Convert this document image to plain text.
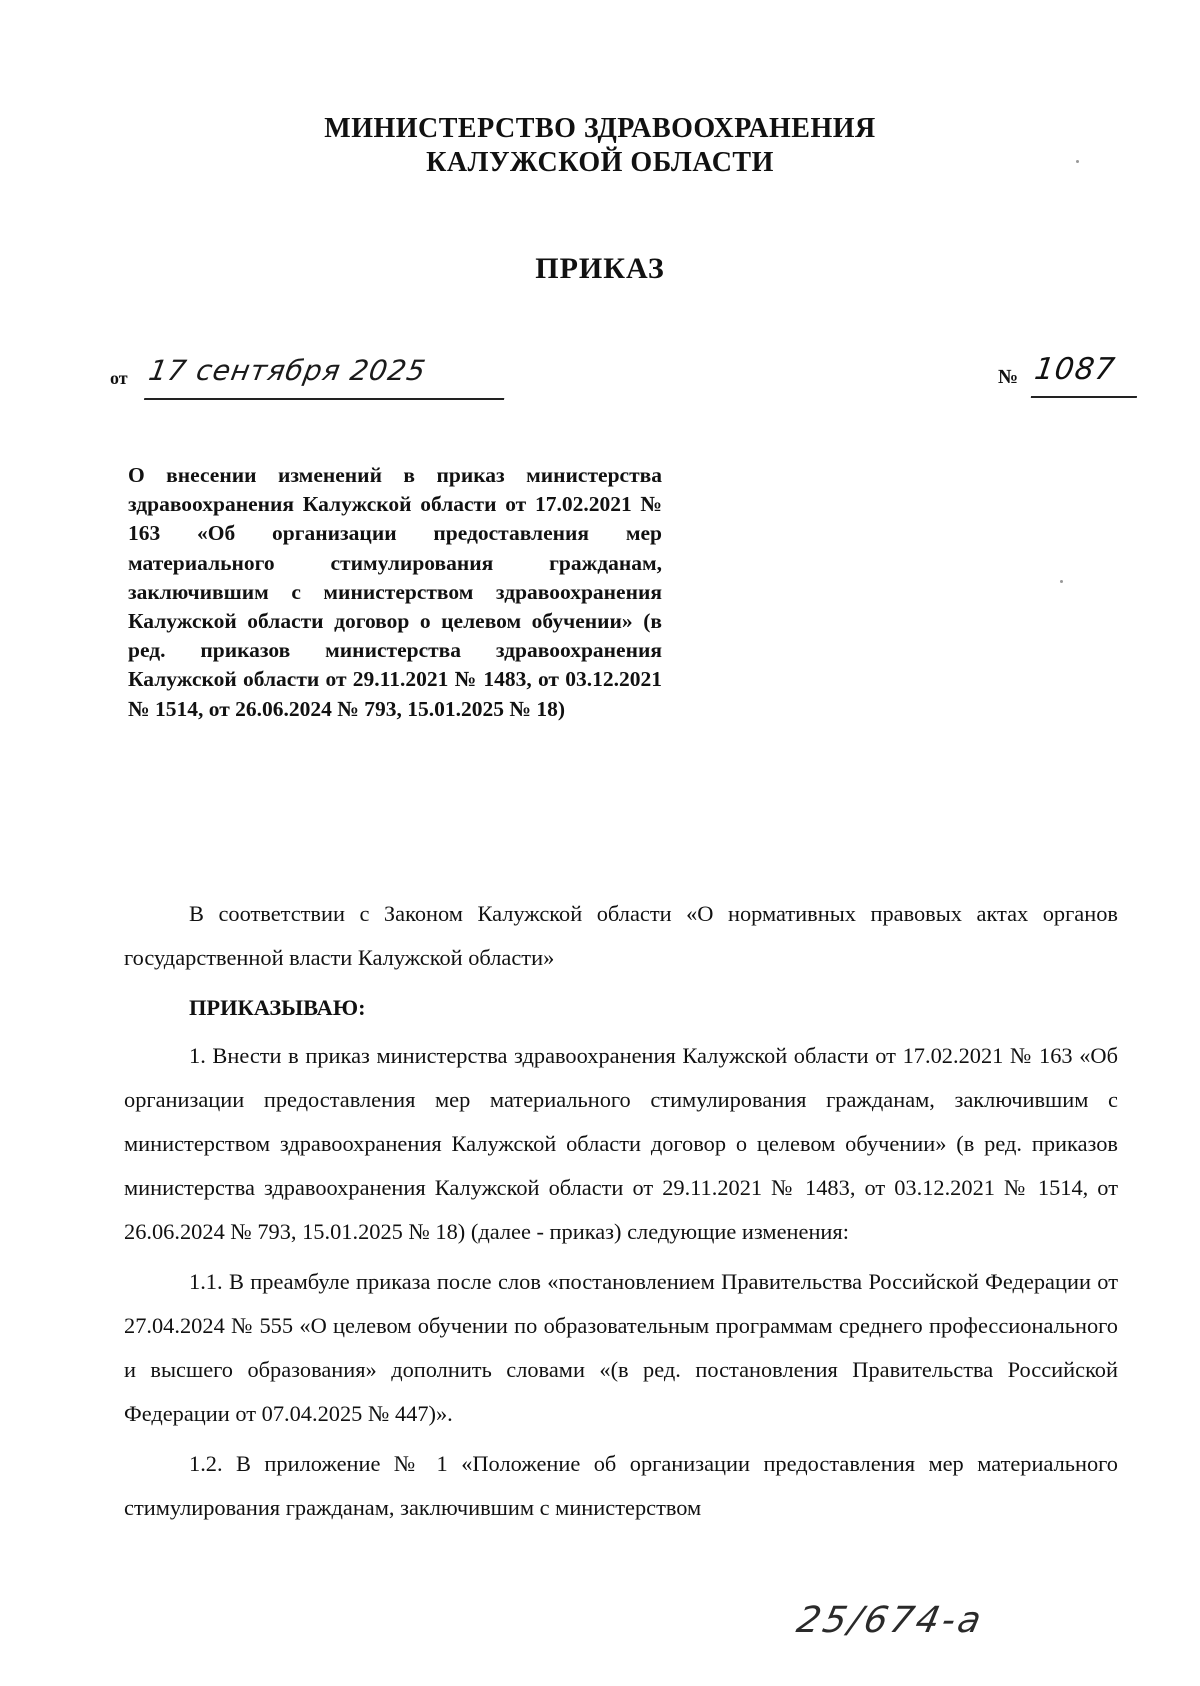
МИНИСТЕРСТВО ЗДРАВООХРАНЕНИЯ
КАЛУЖСКОЙ ОБЛАСТИ
ПРИКАЗ
от 17 сентября 2025	№ 1087
О внесении изменений в приказ министерства здравоохранения Калужской области от 17.02.2021 № 163 «Об организации предоставления мер материального стимулирования гражданам, заключившим с министерством здравоохранения Калужской области договор о целевом обучении» (в ред. приказов министерства здравоохранения Калужской области от 29.11.2021 № 1483, от 03.12.2021 № 1514, от 26.06.2024 № 793, 15.01.2025 № 18)

В соответствии с Законом Калужской области «О нормативных правовых актах органов государственной власти Калужской области»

ПРИКАЗЫВАЮ:

1. Внести в приказ министерства здравоохранения Калужской области от 17.02.2021 № 163 «Об организации предоставления мер материального стимулирования гражданам, заключившим с министерством здравоохранения Калужской области договор о целевом обучении» (в ред. приказов министерства здравоохранения Калужской области от 29.11.2021 № 1483, от 03.12.2021 № 1514, от 26.06.2024 № 793, 15.01.2025 № 18) (далее - приказ) следующие изменения:

1.1. В преамбуле приказа после слов «постановлением Правительства Российской Федерации от 27.04.2024 № 555 «О целевом обучении по образовательным программам среднего профессионального и высшего образования» дополнить словами «(в ред. постановления Правительства Российской Федерации от 07.04.2025 № 447)».

1.2. В приложение № 1 «Положение об организации предоставления мер материального стимулирования гражданам, заключившим с министерством

25/674-а
